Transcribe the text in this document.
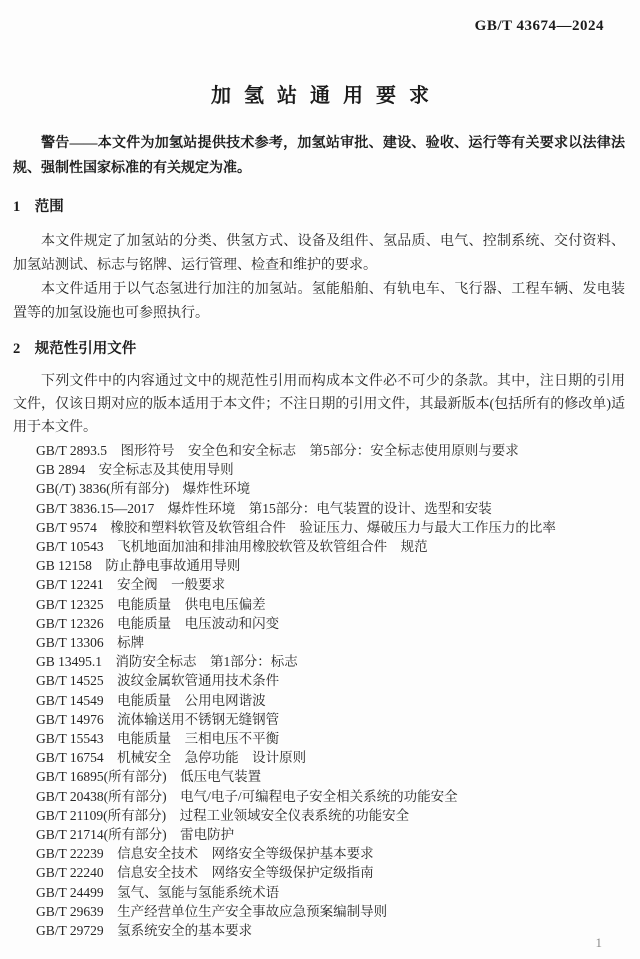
GB/T 43674—2024
加氢站通用要求

警告——本文件为加氢站提供技术参考，加氢站审批、建设、验收、运行等有关要求以法律法规、强制性国家标准的有关规定为准。

1　范围

本文件规定了加氢站的分类、供氢方式、设备及组件、氢品质、电气、控制系统、交付资料、加氢站测试、标志与铭牌、运行管理、检查和维护的要求。

本文件适用于以气态氢进行加注的加氢站。氢能船舶、有轨电车、飞行器、工程车辆、发电装置等的加氢设施也可参照执行。

2　规范性引用文件

下列文件中的内容通过文中的规范性引用而构成本文件必不可少的条款。其中，注日期的引用文件，仅该日期对应的版本适用于本文件；不注日期的引用文件，其最新版本(包括所有的修改单)适用于本文件。

GB/T 2893.5　图形符号　安全色和安全标志　第5部分：安全标志使用原则与要求

GB 2894　安全标志及其使用导则

GB(/T) 3836(所有部分)　爆炸性环境

GB/T 3836.15—2017　爆炸性环境　第15部分：电气装置的设计、选型和安装

GB/T 9574　橡胶和塑料软管及软管组合件　验证压力、爆破压力与最大工作压力的比率

GB/T 10543　飞机地面加油和排油用橡胶软管及软管组合件　规范

GB 12158　防止静电事故通用导则

GB/T 12241　安全阀　一般要求

GB/T 12325　电能质量　供电电压偏差

GB/T 12326　电能质量　电压波动和闪变

GB/T 13306　标牌

GB 13495.1　消防安全标志　第1部分：标志

GB/T 14525　波纹金属软管通用技术条件

GB/T 14549　电能质量　公用电网谐波

GB/T 14976　流体输送用不锈钢无缝钢管

GB/T 15543　电能质量　三相电压不平衡

GB/T 16754　机械安全　急停功能　设计原则

GB/T 16895(所有部分)　低压电气装置

GB/T 20438(所有部分)　电气/电子/可编程电子安全相关系统的功能安全

GB/T 21109(所有部分)　过程工业领域安全仪表系统的功能安全

GB/T 21714(所有部分)　雷电防护

GB/T 22239　信息安全技术　网络安全等级保护基本要求

GB/T 22240　信息安全技术　网络安全等级保护定级指南

GB/T 24499　氢气、氢能与氢能系统术语

GB/T 29639　生产经营单位生产安全事故应急预案编制导则

GB/T 29729　氢系统安全的基本要求

1
